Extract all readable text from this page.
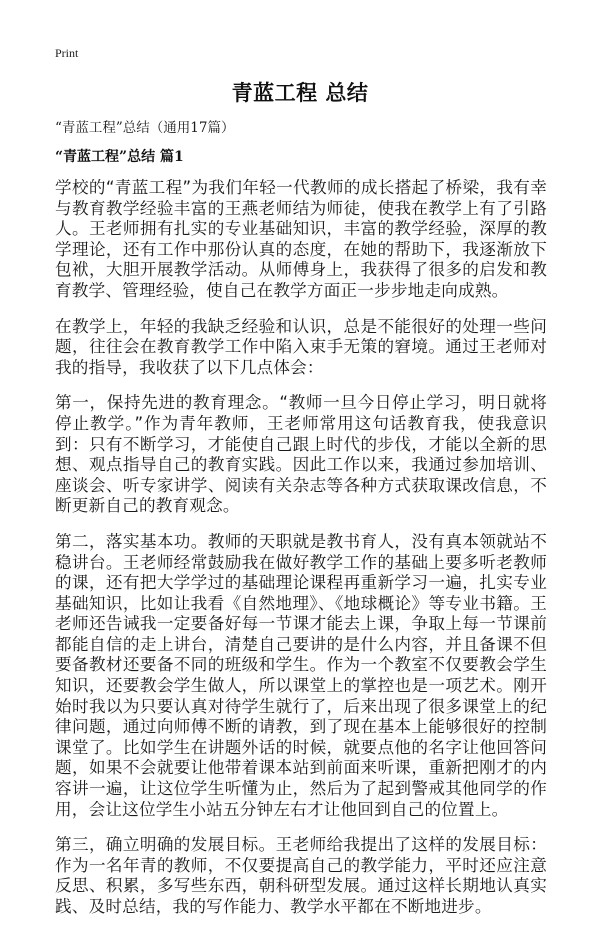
Print
青蓝工程 总结
“青蓝工程”总结（通用17篇）
“青蓝工程”总结 篇1

学校的“青蓝工程”为我们年轻一代教师的成长搭起了桥梁，我有幸与教育教学经验丰富的王燕老师结为师徒，使我在教学上有了引路人。王老师拥有扎实的专业基础知识，丰富的教学经验，深厚的教学理论，还有工作中那份认真的态度，在她的帮助下，我逐渐放下包袱，大胆开展教学活动。从师傅身上，我获得了很多的启发和教育教学、管理经验，使自己在教学方面正一步步地走向成熟。

在教学上，年轻的我缺乏经验和认识，总是不能很好的处理一些问题，往往会在教育教学工作中陷入束手无策的窘境。通过王老师对我的指导，我收获了以下几点体会：

第一，保持先进的教育理念。“教师一旦今日停止学习，明日就将停止教学。”作为青年教师，王老师常用这句话教育我，使我意识到：只有不断学习，才能使自己跟上时代的步伐，才能以全新的思想、观点指导自己的教育实践。因此工作以来，我通过参加培训、座谈会、听专家讲学、阅读有关杂志等各种方式获取课改信息，不断更新自己的教育观念。

第二，落实基本功。教师的天职就是教书育人，没有真本领就站不稳讲台。王老师经常鼓励我在做好教学工作的基础上要多听老教师的课，还有把大学学过的基础理论课程再重新学习一遍，扎实专业基础知识，比如让我看《自然地理》、《地球概论》等专业书籍。王老师还告诫我一定要备好每一节课才能去上课，争取上每一节课前都能自信的走上讲台，清楚自己要讲的是什么内容，并且备课不但要备教材还要备不同的班级和学生。作为一个教室不仅要教会学生知识，还要教会学生做人，所以课堂上的掌控也是一项艺术。刚开始时我以为只要认真对待学生就行了，后来出现了很多课堂上的纪律问题，通过向师傅不断的请教，到了现在基本上能够很好的控制课堂了。比如学生在讲题外话的时候，就要点他的名字让他回答问题，如果不会就要让他带着课本站到前面来听课，重新把刚才的内容讲一遍，让这位学生听懂为止，然后为了起到警戒其他同学的作用，会让这位学生小站五分钟左右才让他回到自己的位置上。

第三，确立明确的发展目标。王老师给我提出了这样的发展目标：作为一名年青的教师，不仅要提高自己的教学能力，平时还应注意反思、积累，多写些东西，朝科研型发展。通过这样长期地认真实践、及时总结，我的写作能力、教学水平都在不断地进步。
